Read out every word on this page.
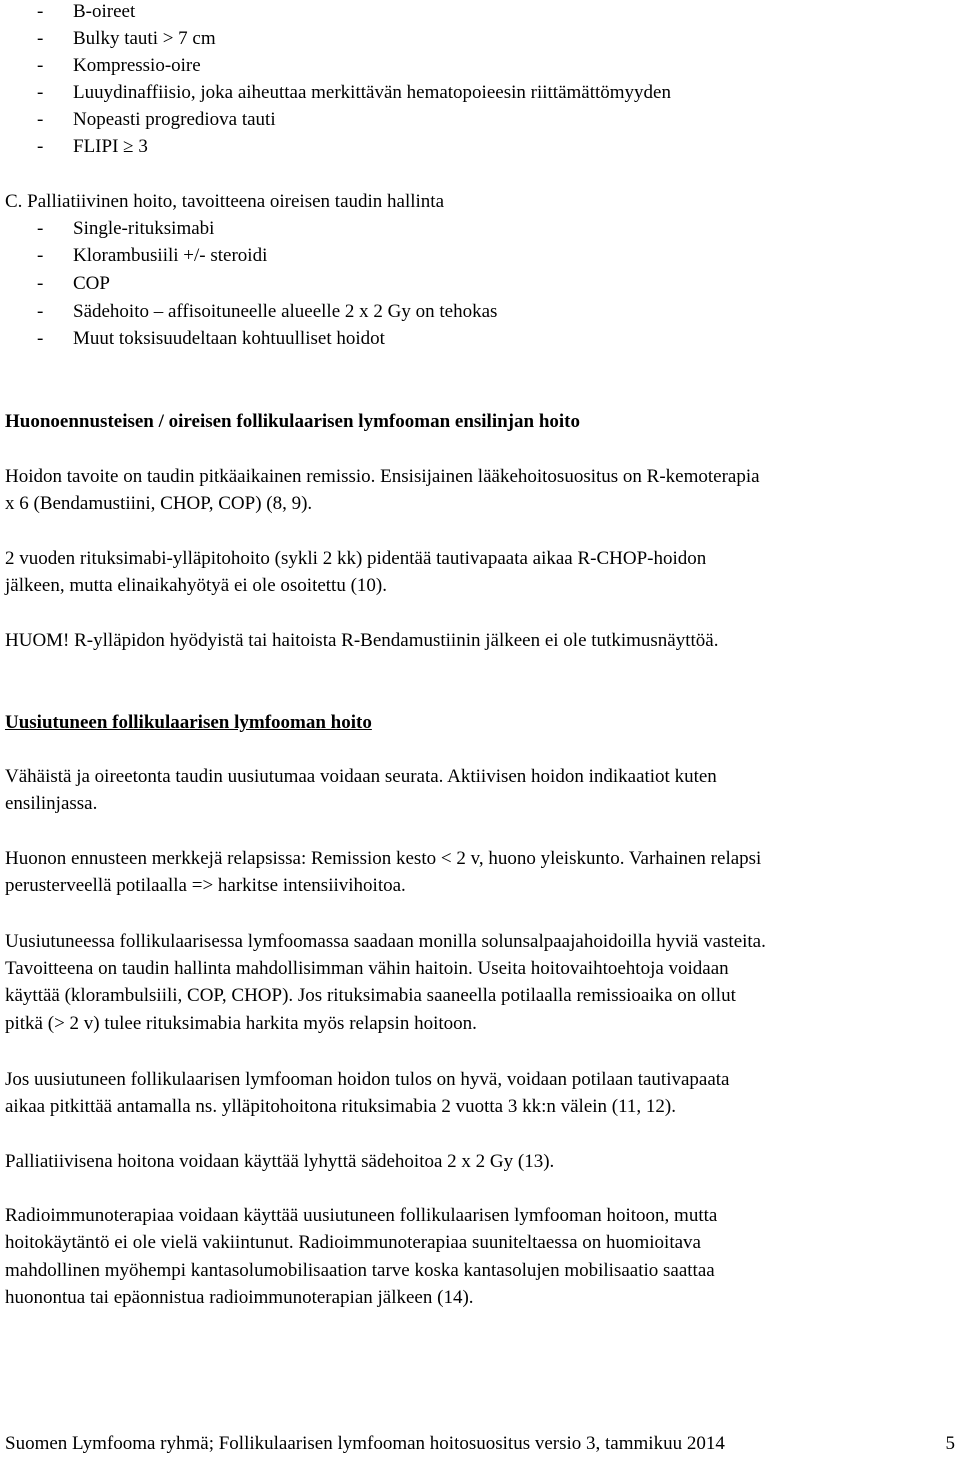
- B-oireet
- Bulky tauti > 7 cm
- Kompressio-oire
- Luuydinaffiisio, joka aiheuttaa merkittävän hematopoieesin riittämättömyyden
- Nopeasti progrediova tauti
- FLIPI ≥ 3
C. Palliatiivinen hoito, tavoitteena oireisen taudin hallinta
- Single-rituksimabi
- Klorambusiili +/- steroidi
- COP
- Sädehoito – affisoituneelle alueelle 2 x 2 Gy on tehokas
- Muut toksisuudeltaan kohtuulliset hoidot
Huonoennusteisen / oireisen follikulaarisen lymfooman ensilinjan hoito
Hoidon tavoite on taudin pitkäaikainen remissio. Ensisijainen lääkehoitosuositus on R-kemoterapia
x 6 (Bendamustiini, CHOP, COP) (8, 9).
2 vuoden rituksimabi-ylläpitohoito (sykli 2 kk) pidentää tautivapaata aikaa R-CHOP-hoidon
jälkeen, mutta elinaikahyötyä ei ole osoitettu (10).
HUOM! R-ylläpidon hyödyistä tai haitoista R-Bendamustiinin jälkeen ei ole tutkimusnäyttöä.
Uusiutuneen follikulaarisen lymfooman hoito
Vähäistä ja oireetonta taudin uusiutumaa voidaan seurata. Aktiivisen hoidon indikaatiot kuten
ensilinjassa.
Huonon ennusteen merkkejä relapsissa: Remission kesto < 2 v, huono yleiskunto. Varhainen relapsi
perusterveellä potilaalla => harkitse intensiivihoitoa.
Uusiutuneessa follikulaarisessa lymfoomassa saadaan monilla solunsalpaajahoidoilla hyviä vasteita.
Tavoitteena on taudin hallinta mahdollisimman vähin haitoin. Useita hoitovaihtoehtoja voidaan
käyttää (klorambulsiili, COP, CHOP). Jos rituksimabia saaneella potilaalla remissioaika on ollut
pitkä (> 2 v) tulee rituksimabia harkita myös relapsin hoitoon.
Jos uusiutuneen follikulaarisen lymfooman hoidon tulos on hyvä, voidaan potilaan tautivapaata
aikaa pitkittää antamalla ns. ylläpitohoitona rituksimabia 2 vuotta 3 kk:n välein (11, 12).
Palliatiivisena hoitona voidaan käyttää lyhyttä sädehoitoa 2 x 2 Gy (13).
Radioimmunoterapiaa voidaan käyttää uusiutuneen follikulaarisen lymfooman hoitoon, mutta
hoitokäytäntö ei ole vielä vakiintunut. Radioimmunoterapiaa suuniteltaessa on huomioitava
mahdollinen myöhempi kantasolumobilisaation tarve koska kantasolujen mobilisaatio saattaa
huonontua tai epäonnistua radioimmunoterapian jälkeen (14).
Suomen Lymfooma ryhmä; Follikulaarisen lymfooman hoitosuositus versio 3, tammikuu 2014	5
